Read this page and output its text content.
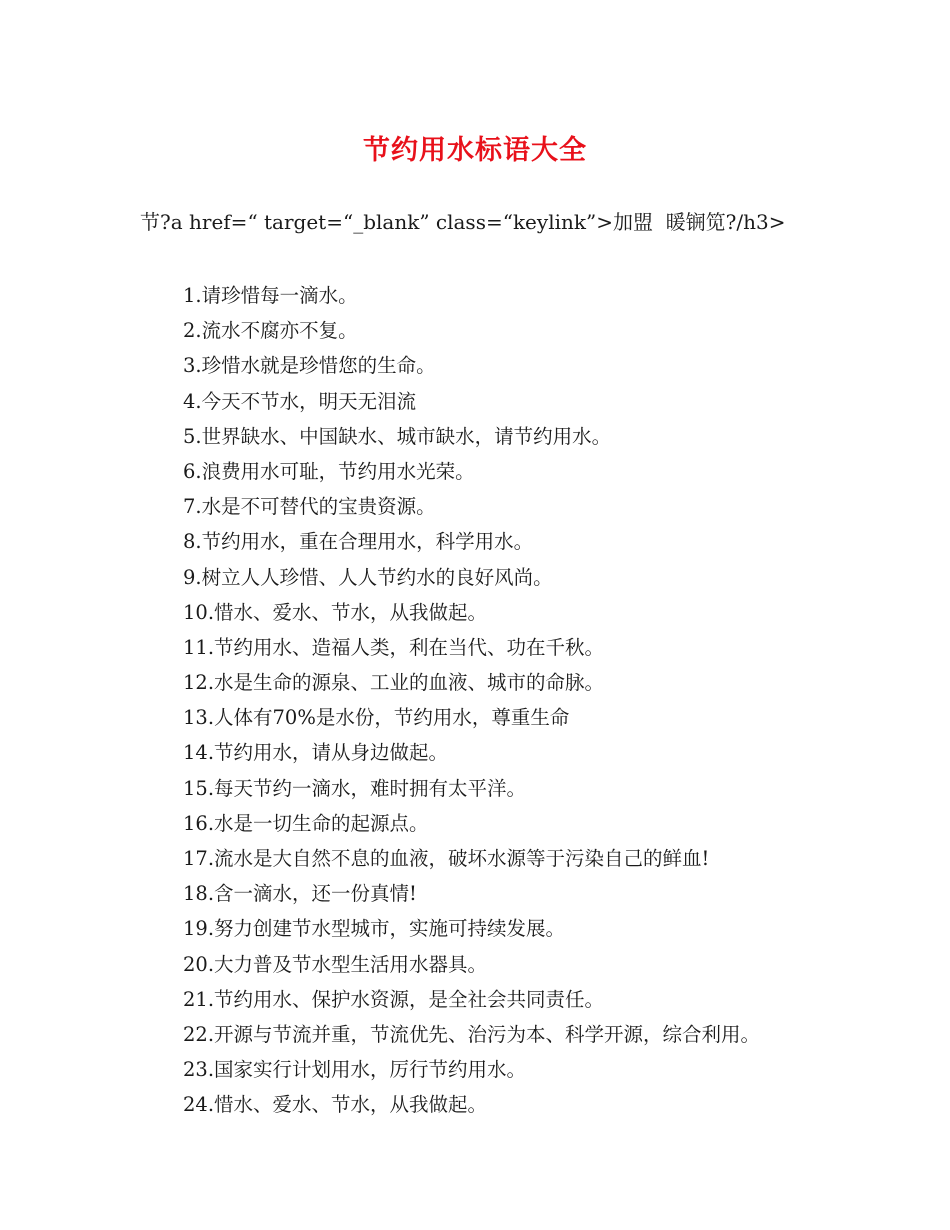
节约用水标语大全

节?a href=“ target=“_blank” class=“keylink”>加盟  暖锎笕?/h3>

1.请珍惜每一滴水。
2.流水不腐亦不复。
3.珍惜水就是珍惜您的生命。
4.今天不节水，明天无泪流
5.世界缺水、中国缺水、城市缺水，请节约用水。
6.浪费用水可耻，节约用水光荣。
7.水是不可替代的宝贵资源。
8.节约用水，重在合理用水，科学用水。
9.树立人人珍惜、人人节约水的良好风尚。
10.惜水、爱水、节水，从我做起。
11.节约用水、造福人类，利在当代、功在千秋。
12.水是生命的源泉、工业的血液、城市的命脉。
13.人体有70%是水份，节约用水，尊重生命
14.节约用水，请从身边做起。
15.每天节约一滴水，难时拥有太平洋。
16.水是一切生命的起源点。
17.流水是大自然不息的血液，破坏水源等于污染自己的鲜血!
18.含一滴水，还一份真情!
19.努力创建节水型城市，实施可持续发展。
20.大力普及节水型生活用水器具。
21.节约用水、保护水资源，是全社会共同责任。
22.开源与节流并重，节流优先、治污为本、科学开源，综合利用。
23.国家实行计划用水，厉行节约用水。
24.惜水、爱水、节水，从我做起。
